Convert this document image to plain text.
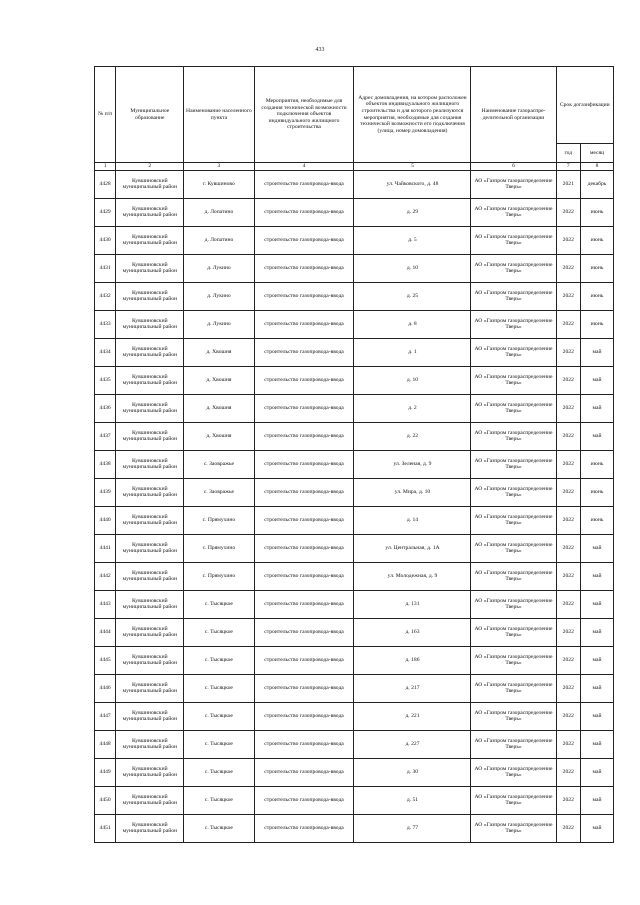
433
№ п/п	Муниципальное образование	Наименование населенного пункта	Мероприятия, необходимые для создания технической возможности подключения объектов индивидуального жилищного строительства	Адрес домовладения, на котором расположен объектов индивидуального жилищного строительства и для которого реализуются мероприятия, необходимые для создания технической возможности его подключения (улица, номер домовладения)	Наименование газораспре-делительной организации	Срок догазификации	
						год	месяц
1	2	3	4	5	6	7	8
4428	Кувшиновский муниципальный район	г. Кувшиново	строительство газопровода-ввода	ул. Чайковского, д. 48	АО «Газпром газораспределение Тверь»	2021	декабрь
4429	Кувшиновский муниципальный район	д. Лопатино	строительство газопровода-ввода	д. 29	АО «Газпром газораспределение Тверь»	2022	июнь
4430	Кувшиновский муниципальный район	д. Лопатино	строительство газопровода-ввода	д. 5	АО «Газпром газораспределение Тверь»	2022	июнь
4431	Кувшиновский муниципальный район	д. Лукино	строительство газопровода-ввода	д. 10	АО «Газпром газораспределение Тверь»	2022	июнь
4432	Кувшиновский муниципальный район	д. Лукино	строительство газопровода-ввода	д. 25	АО «Газпром газораспределение Тверь»	2022	июнь
4433	Кувшиновский муниципальный район	д. Лукино	строительство газопровода-ввода	д. 8	АО «Газпром газораспределение Тверь»	2022	июнь
4434	Кувшиновский муниципальный район	д. Хвошня	строительство газопровода-ввода	д. 1	АО «Газпром газораспределение Тверь»	2022	май
4435	Кувшиновский муниципальный район	д. Хвошня	строительство газопровода-ввода	д. 10	АО «Газпром газораспределение Тверь»	2022	май
4436	Кувшиновский муниципальный район	д. Хвошня	строительство газопровода-ввода	д. 2	АО «Газпром газораспределение Тверь»	2022	май
4437	Кувшиновский муниципальный район	д. Хвошня	строительство газопровода-ввода	д. 22	АО «Газпром газораспределение Тверь»	2022	май
4438	Кувшиновский муниципальный район	с. Заовражье	строительство газопровода-ввода	ул. Зеленая, д. 9	АО «Газпром газораспределение Тверь»	2022	июнь
4439	Кувшиновский муниципальный район	с. Заовражье	строительство газопровода-ввода	ул. Мира, д. 10	АО «Газпром газораспределение Тверь»	2022	июнь
4440	Кувшиновский муниципальный район	с. Прямухино	строительство газопровода-ввода	д. 14	АО «Газпром газораспределение Тверь»	2022	июнь
4441	Кувшиновский муниципальный район	с. Прямухино	строительство газопровода-ввода	ул. Центральная, д. 1А	АО «Газпром газораспределение Тверь»	2022	май
4442	Кувшиновский муниципальный район	с. Прямухино	строительство газопровода-ввода	ул. Молодежная, д. 9	АО «Газпром газораспределение Тверь»	2022	май
4443	Кувшиновский муниципальный район	с. Тысяцкое	строительство газопровода-ввода	д. 131	АО «Газпром газораспределение Тверь»	2022	май
4444	Кувшиновский муниципальный район	с. Тысяцкое	строительство газопровода-ввода	д. 163	АО «Газпром газораспределение Тверь»	2022	май
4445	Кувшиновский муниципальный район	с. Тысяцкое	строительство газопровода-ввода	д. 186	АО «Газпром газораспределение Тверь»	2022	май
4446	Кувшиновский муниципальный район	с. Тысяцкое	строительство газопровода-ввода	д. 217	АО «Газпром газораспределение Тверь»	2022	май
4447	Кувшиновский муниципальный район	с. Тысяцкое	строительство газопровода-ввода	д. 221	АО «Газпром газораспределение Тверь»	2022	май
4448	Кувшиновский муниципальный район	с. Тысяцкое	строительство газопровода-ввода	д. 227	АО «Газпром газораспределение Тверь»	2022	май
4449	Кувшиновский муниципальный район	с. Тысяцкое	строительство газопровода-ввода	д. 30	АО «Газпром газораспределение Тверь»	2022	май
4450	Кувшиновский муниципальный район	с. Тысяцкое	строительство газопровода-ввода	д. 51	АО «Газпром газораспределение Тверь»	2022	май
4451	Кувшиновский муниципальный район	с. Тысяцкое	строительство газопровода-ввода	д. 77	АО «Газпром газораспределение Тверь»	2022	май
